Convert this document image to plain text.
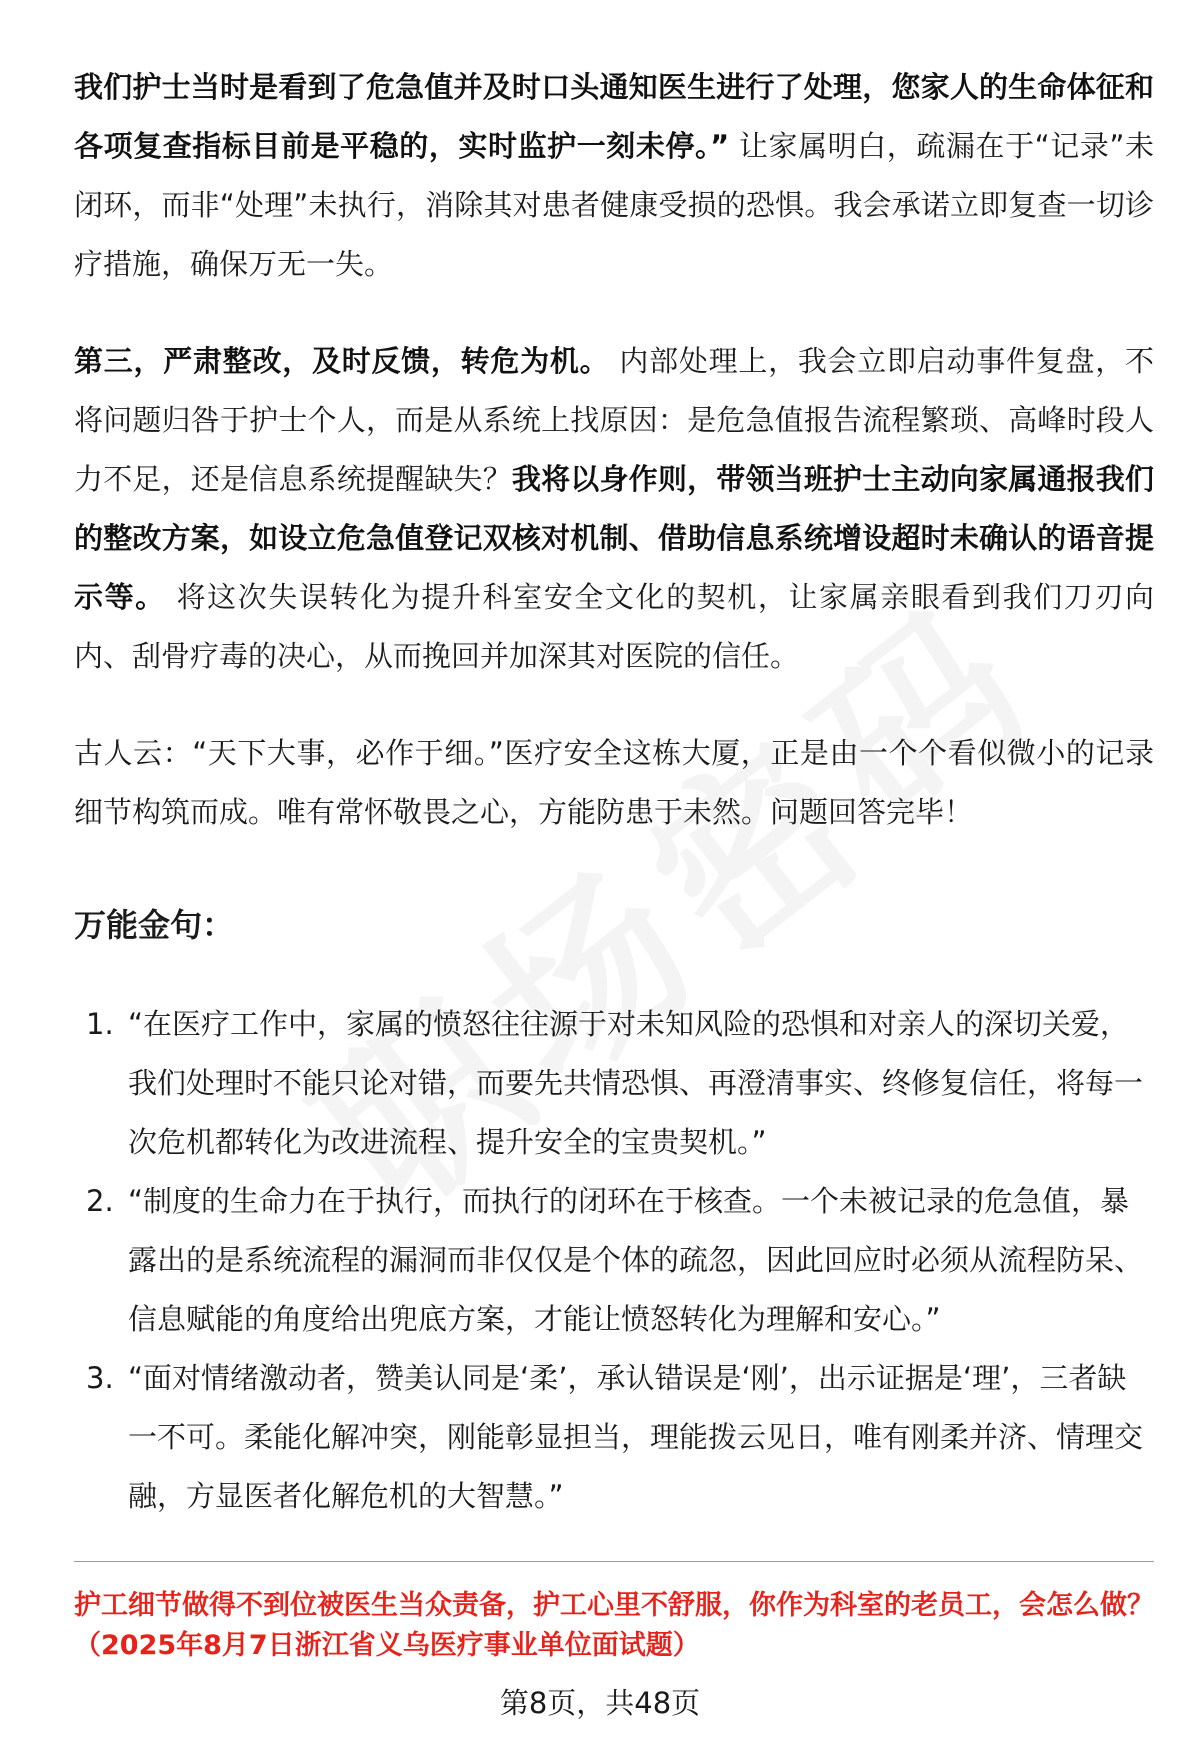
我们护士当时是看到了危急值并及时口头通知医生进行了处理，您家人的生命体征和各项复查指标目前是平稳的，实时监护一刻未停。” 让家属明白，疏漏在于“记录”未闭环，而非“处理”未执行，消除其对患者健康受损的恐惧。我会承诺立即复查一切诊疗措施，确保万无一失。

第三，严肃整改，及时反馈，转危为机。 内部处理上，我会立即启动事件复盘，不将问题归咎于护士个人，而是从系统上找原因：是危急值报告流程繁琐、高峰时段人力不足，还是信息系统提醒缺失？我将以身作则，带领当班护士主动向家属通报我们的整改方案，如设立危急值登记双核对机制、借助信息系统增设超时未确认的语音提示等。 将这次失误转化为提升科室安全文化的契机，让家属亲眼看到我们刀刃向内、刮骨疗毒的决心，从而挽回并加深其对医院的信任。

古人云：“天下大事，必作于细。”医疗安全这栋大厦，正是由一个个看似微小的记录细节构筑而成。唯有常怀敬畏之心，方能防患于未然。问题回答完毕！

万能金句：
1. “在医疗工作中，家属的愤怒往往源于对未知风险的恐惧和对亲人的深切关爱，我们处理时不能只论对错，而要先共情恐惧、再澄清事实、终修复信任，将每一次危机都转化为改进流程、提升安全的宝贵契机。”
2. “制度的生命力在于执行，而执行的闭环在于核查。一个未被记录的危急值，暴露出的是系统流程的漏洞而非仅仅是个体的疏忽，因此回应时必须从流程防呆、信息赋能的角度给出兜底方案，才能让愤怒转化为理解和安心。”
3. “面对情绪激动者，赞美认同是‘柔’，承认错误是‘刚’，出示证据是‘理’，三者缺一不可。柔能化解冲突，刚能彰显担当，理能拨云见日，唯有刚柔并济、情理交融，方显医者化解危机的大智慧。”

护工细节做得不到位被医生当众责备，护工心里不舒服，你作为科室的老员工，会怎么做？ （2025年8月7日浙江省义乌医疗事业单位面试题）

第8页，共48页
